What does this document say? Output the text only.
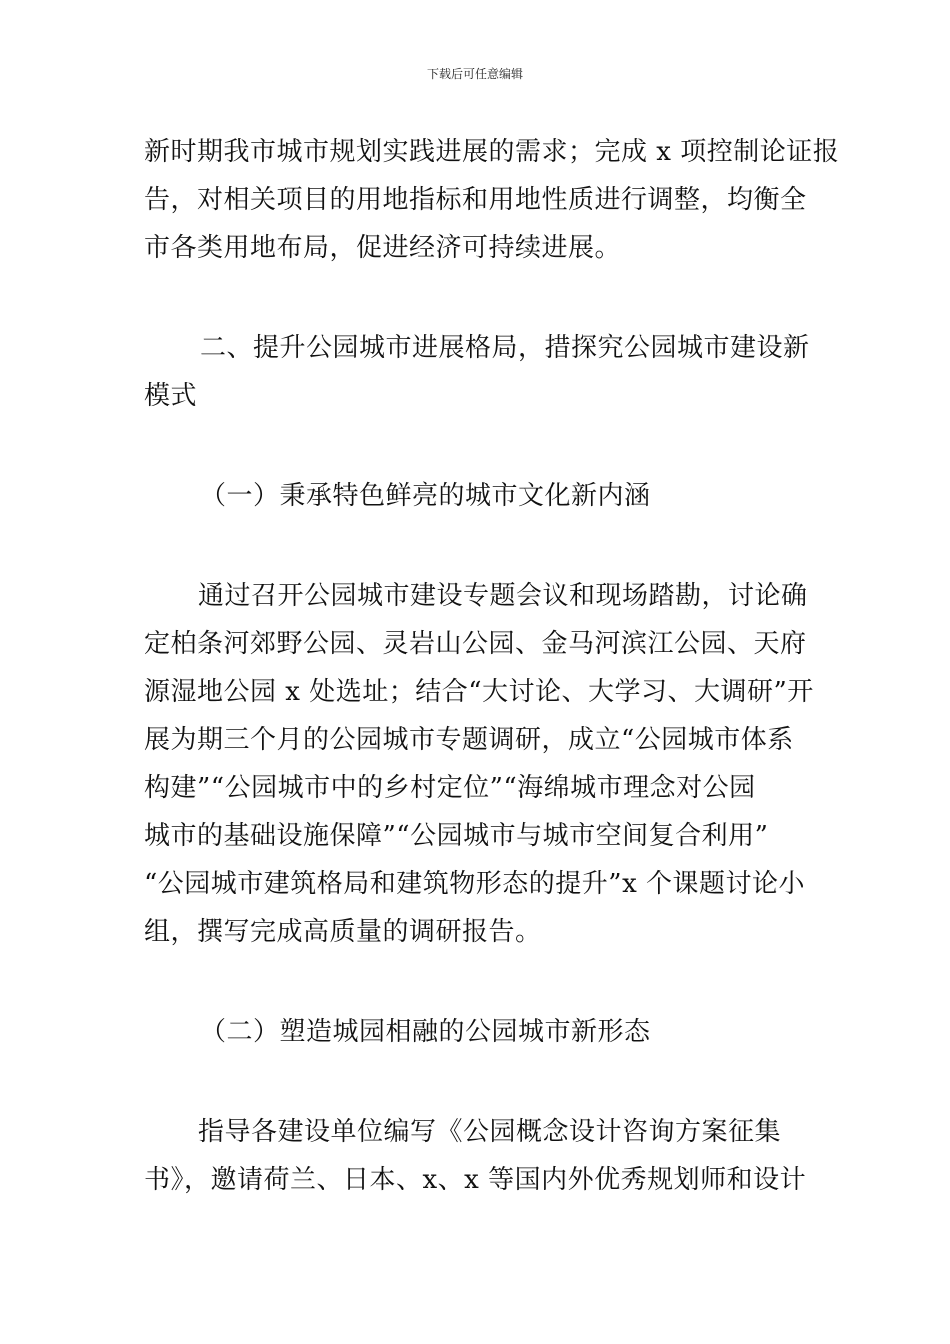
下载后可任意编辑
新时期我市城市规划实践进展的需求；完成 x 项控制论证报
告，对相关项目的用地指标和用地性质进行调整，均衡全
市各类用地布局，促进经济可持续进展。
二、提升公园城市进展格局，措探究公园城市建设新
模式
（一）秉承特色鲜亮的城市文化新内涵
通过召开公园城市建设专题会议和现场踏勘，讨论确
定柏条河郊野公园、灵岩山公园、金马河滨江公园、天府
源湿地公园 x 处选址；结合“大讨论、大学习、大调研”开
展为期三个月的公园城市专题调研，成立“公园城市体系
构建”“公园城市中的乡村定位”“海绵城市理念对公园
城市的基础设施保障”“公园城市与城市空间复合利用”
“公园城市建筑格局和建筑物形态的提升”x 个课题讨论小
组，撰写完成高质量的调研报告。
（二）塑造城园相融的公园城市新形态
指导各建设单位编写《公园概念设计咨询方案征集
书》，邀请荷兰、日本、x、x 等国内外优秀规划师和设计
